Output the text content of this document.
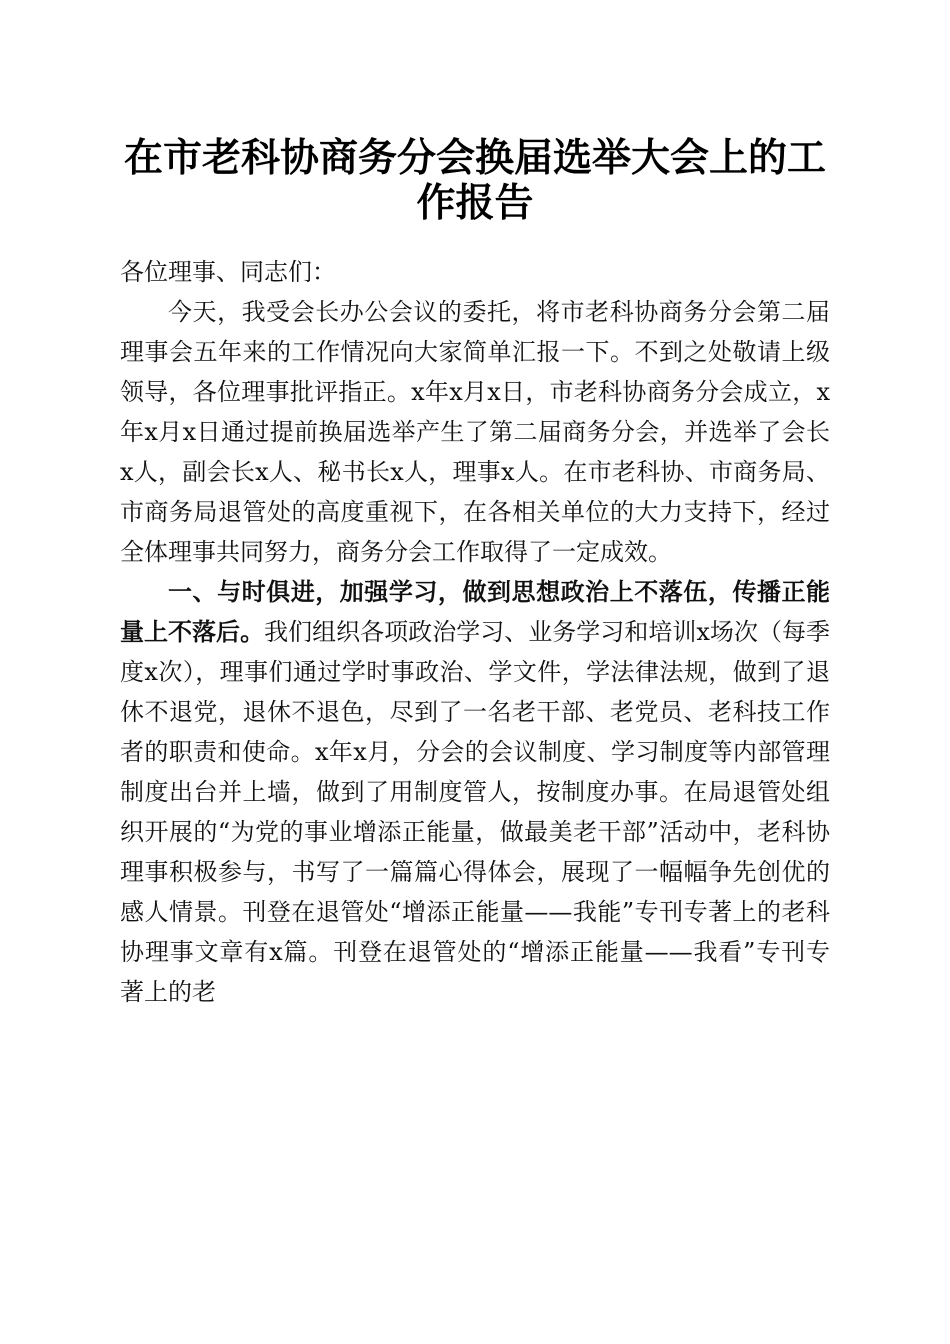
在市老科协商务分会换届选举大会上的工作报告

各位理事、同志们：

今天，我受会长办公会议的委托，将市老科协商务分会第二届理事会五年来的工作情况向大家简单汇报一下。不到之处敬请上级领导，各位理事批评指正。x年x月x日，市老科协商务分会成立，x年x月x日通过提前换届选举产生了第二届商务分会，并选举了会长x人，副会长x人、秘书长x人，理事x人。在市老科协、市商务局、市商务局退管处的高度重视下，在各相关单位的大力支持下，经过全体理事共同努力，商务分会工作取得了一定成效。

一、与时俱进，加强学习，做到思想政治上不落伍，传播正能量上不落后。我们组织各项政治学习、业务学习和培训x场次（每季度x次），理事们通过学时事政治、学文件，学法律法规，做到了退休不退党，退休不退色，尽到了一名老干部、老党员、老科技工作者的职责和使命。x年x月，分会的会议制度、学习制度等内部管理制度出台并上墙，做到了用制度管人，按制度办事。在局退管处组织开展的“为党的事业增添正能量，做最美老干部”活动中，老科协理事积极参与，书写了一篇篇心得体会，展现了一幅幅争先创优的感人情景。刊登在退管处“增添正能量——我能”专刊专著上的老科协理事文章有x篇。刊登在退管处的“增添正能量——我看”专刊专著上的老
